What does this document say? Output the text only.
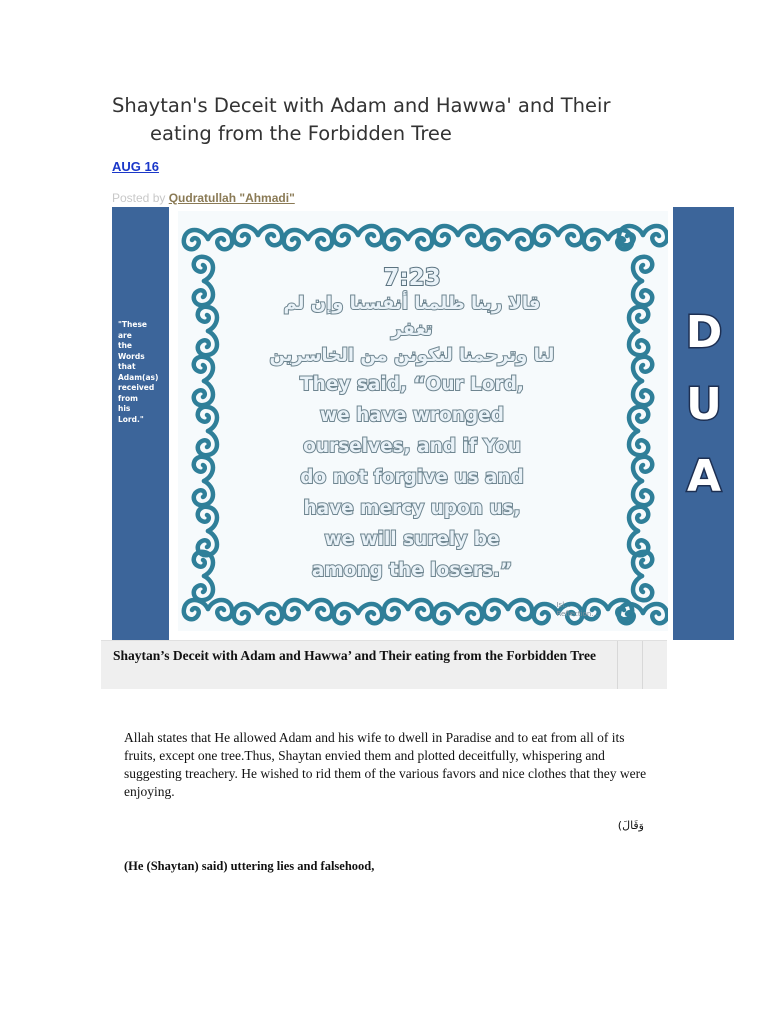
Shaytan's Deceit with Adam and Hawwa' and Their
eating from the Forbidden Tree
AUG 16
Posted by Qudratullah "Ahmadi"
"These
are
the
Words
that
Adam(as)
received
from
his
Lord."
7:23
قالا ربنا ظلمنا أنفسنا وإن لم تغفر
لنا وترحمنا لنكونن من الخاسرين
They said, “Our Lord,
we have wronged
ourselves, and if You
do not forgive us and
have mercy upon us,
we will surely be
among the losers.”
Isl...
Reflection...
D
U
A
Shaytan’s Deceit with Adam and Hawwa’ and Their eating from the Forbidden Tree

Allah states that He allowed Adam and his wife to dwell in Paradise and to eat from all of its fruits, except one tree.Thus, Shaytan envied them and plotted deceitfully, whispering and suggesting treachery. He wished to rid them of the various favors and nice clothes that they were enjoying.

(وَقَالَ
(He (Shaytan) said) uttering lies and falsehood,
